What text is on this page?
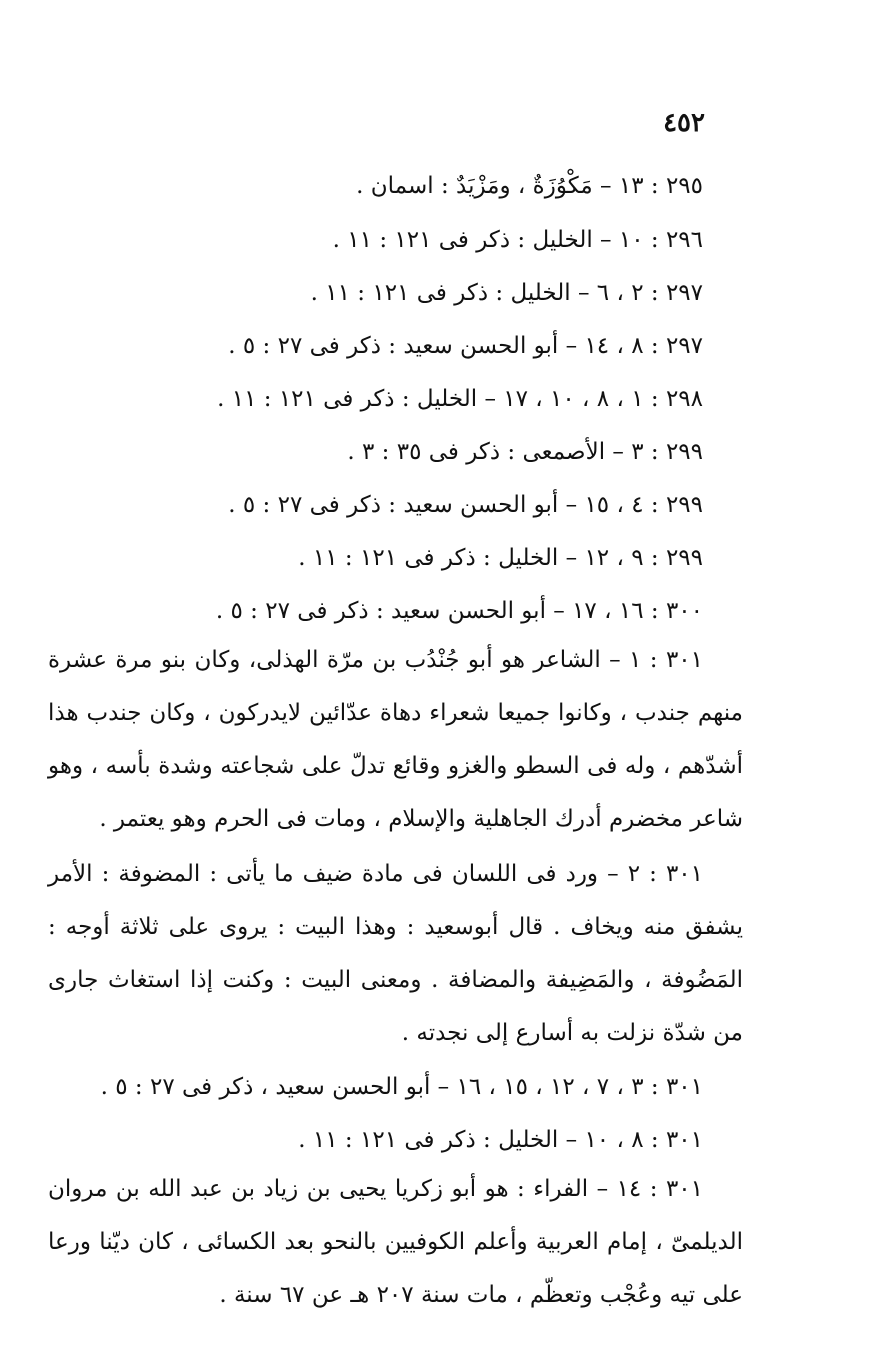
٤٥٢
٢٩٥ : ١٣ – مَكْوُزَةٌ ، ومَزْيَدٌ : اسمان .
٢٩٦ : ١٠ – الخليل : ذكر فى ١٢١ : ١١ .
٢٩٧ : ٢ ، ٦ – الخليل : ذكر فى ١٢١ : ١١ .
٢٩٧ : ٨ ، ١٤ – أبو الحسن سعيد : ذكر فى ٢٧ : ٥ .
٢٩٨ : ١ ، ٨ ، ١٠ ، ١٧ – الخليل : ذكر فى ١٢١ : ١١ .
٢٩٩ : ٣ – الأصمعى : ذكر فى ٣٥ : ٣ .
٢٩٩ : ٤ ، ١٥ – أبو الحسن سعيد : ذكر فى ٢٧ : ٥ .
٢٩٩ : ٩ ، ١٢ – الخليل : ذكر فى ١٢١ : ١١ .
٣٠٠ : ١٦ ، ١٧ – أبو الحسن سعيد : ذكر فى ٢٧ : ٥ .
٣٠١ : ١ – الشاعر هو أبو جُنْدُب بن مرّة الهذلى، وكان بنو مرة عشرة منهم جندب ، وكانوا جميعا شعراء دهاة عدّائين لايدركون ، وكان جندب هذا أشدّهم ، وله فى السطو والغزو وقائع تدلّ على شجاعته وشدة بأسه ، وهو شاعر مخضرم أدرك الجاهلية والإسلام ، ومات فى الحرم وهو يعتمر .
٣٠١ : ٢ – ورد فى اللسان فى مادة ضيف ما يأتى : المضوفة : الأمر يشفق منه ويخاف . قال أبوسعيد : وهذا البيت : يروى على ثلاثة أوجه : المَضُوفة ، والمَضِيفة والمضافة . ومعنى البيت : وكنت إذا استغاث جارى من شدّة نزلت به أسارع إلى نجدته .
٣٠١ : ٣ ، ٧ ، ١٢ ، ١٥ ، ١٦ – أبو الحسن سعيد ، ذكر فى ٢٧ : ٥ .
٣٠١ : ٨ ، ١٠ – الخليل : ذكر فى ١٢١ : ١١ .
٣٠١ : ١٤ – الفراء : هو أبو زكريا يحيى بن زياد بن عبد الله بن مروان الديلمىّ ، إمام العربية وأعلم الكوفيين بالنحو بعد الكسائى ، كان ديّنا ورعا على تيه وعُجْب وتعظّم ، مات سنة ٢٠٧ هـ عن ٦٧ سنة .
